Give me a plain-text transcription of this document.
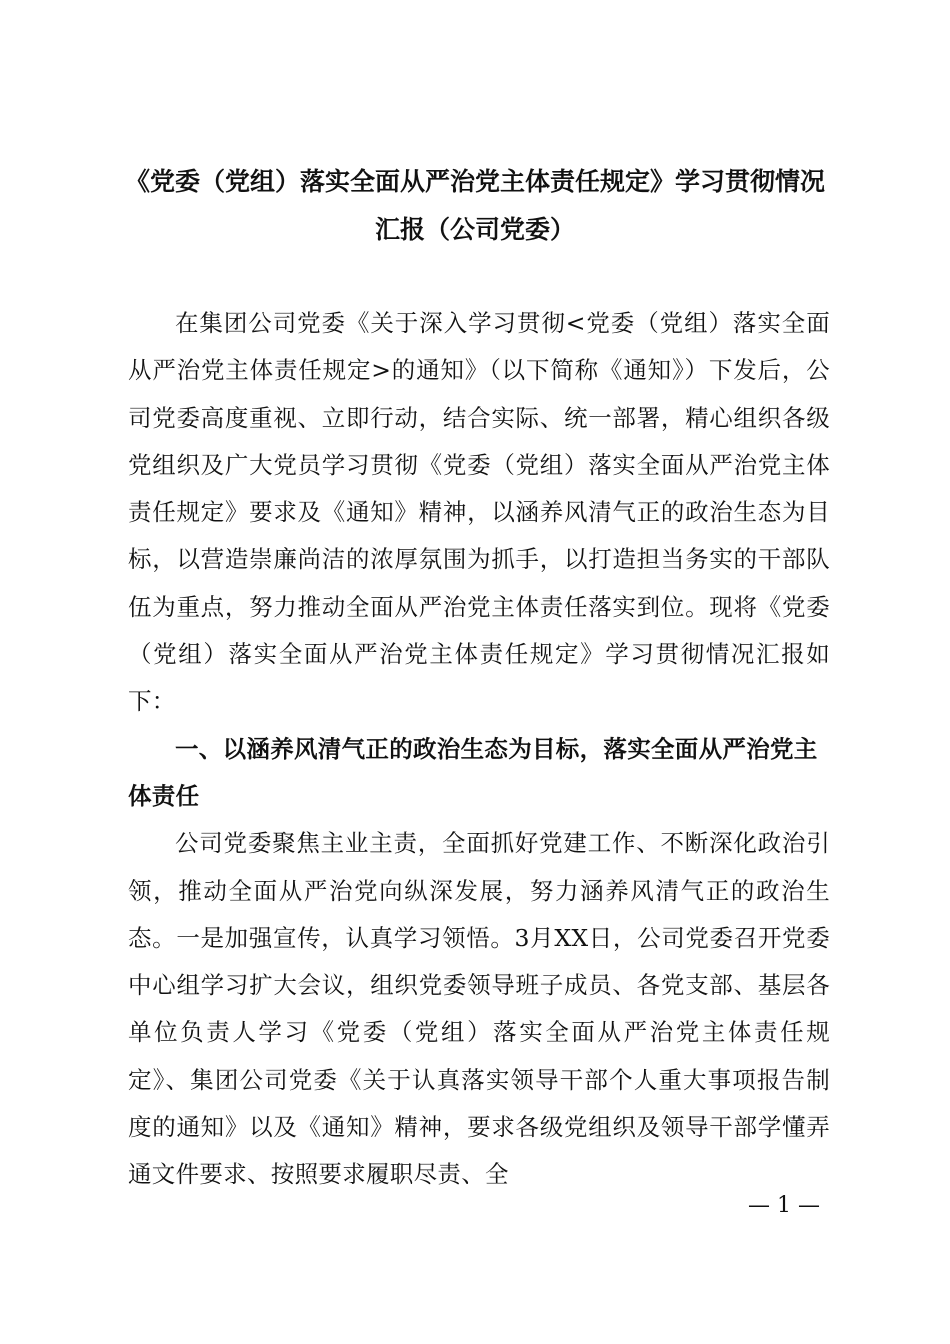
《党委（党组）落实全面从严治党主体责任规定》学习贯彻情况
汇报（公司党委）

在集团公司党委《关于深入学习贯彻<党委（党组）落实全面从严治党主体责任规定>的通知》（以下简称《通知》）下发后，公司党委高度重视、立即行动，结合实际、统一部署，精心组织各级党组织及广大党员学习贯彻《党委（党组）落实全面从严治党主体责任规定》要求及《通知》精神，以涵养风清气正的政治生态为目标，以营造崇廉尚洁的浓厚氛围为抓手，以打造担当务实的干部队伍为重点，努力推动全面从严治党主体责任落实到位。现将《党委（党组）落实全面从严治党主体责任规定》学习贯彻情况汇报如下：

一、以涵养风清气正的政治生态为目标，落实全面从严治党主体责任

公司党委聚焦主业主责，全面抓好党建工作、不断深化政治引领，推动全面从严治党向纵深发展，努力涵养风清气正的政治生态。一是加强宣传，认真学习领悟。3月XX日，公司党委召开党委中心组学习扩大会议，组织党委领导班子成员、各党支部、基层各单位负责人学习《党委（党组）落实全面从严治党主体责任规定》、集团公司党委《关于认真落实领导干部个人重大事项报告制度的通知》以及《通知》精神，要求各级党组织及领导干部学懂弄通文件要求、按照要求履职尽责、全

— 1 —
